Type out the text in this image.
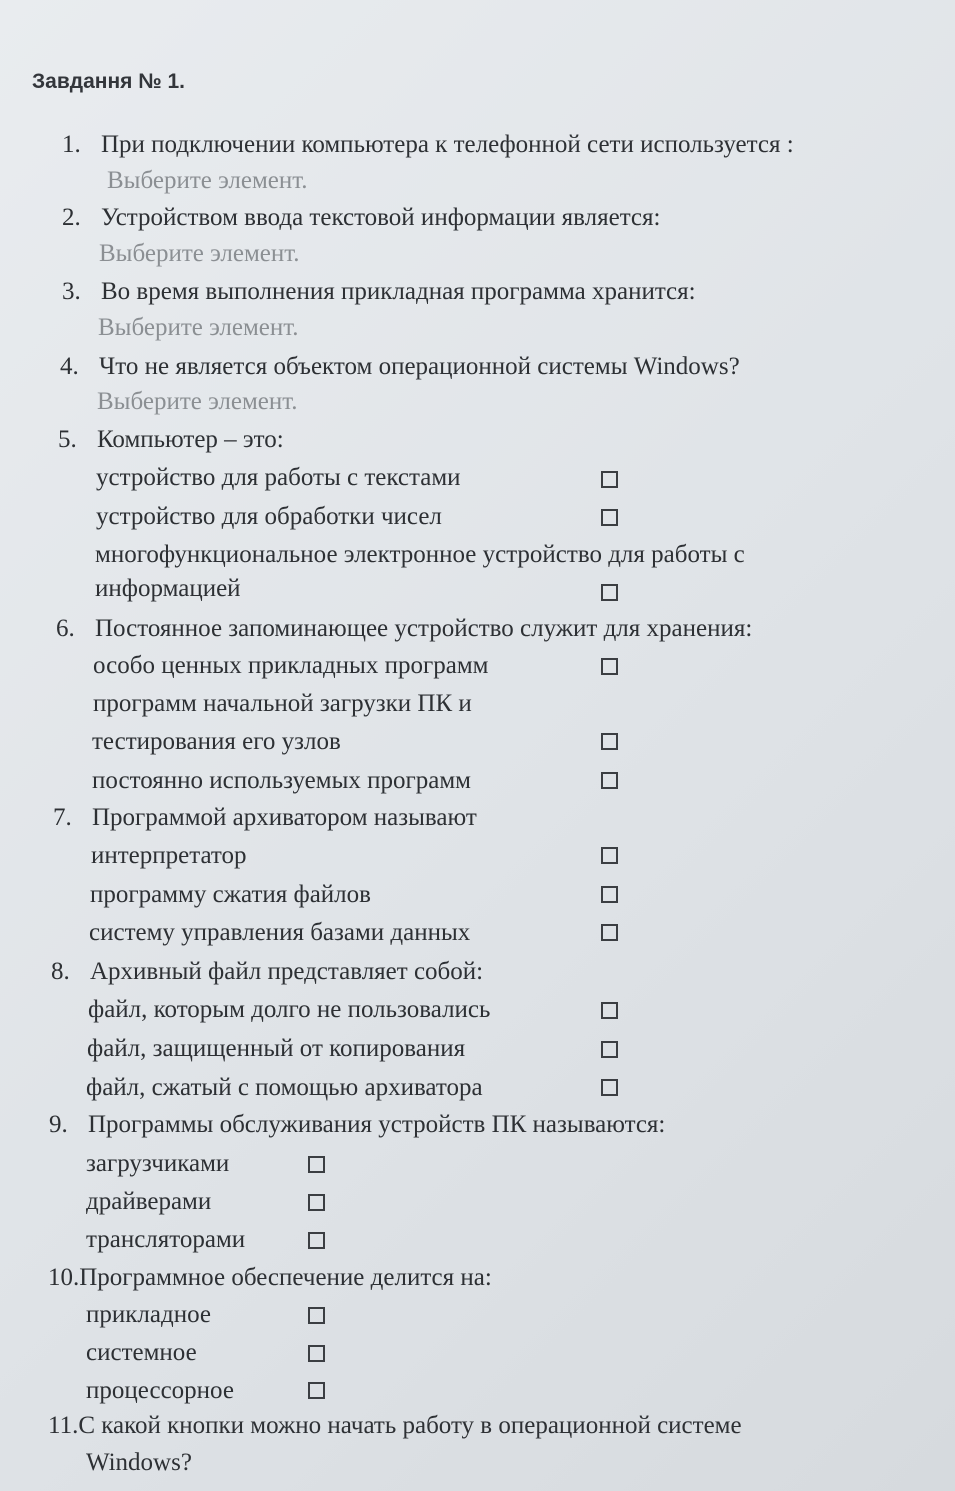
Завдання № 1.
1. При подключении компьютера к телефонной сети используется :
Выберите элемент.
2. Устройством ввода текстовой информации является:
Выберите элемент.
3. Во время выполнения прикладная программа хранится:
Выберите элемент.
4. Что не является объектом операционной системы Windows?
Выберите элемент.
5. Компьютер – это:
устройство для работы с текстами
устройство для обработки чисел
многофункциональное электронное устройство для работы с
информацией
6. Постоянное запоминающее устройство служит для хранения:
особо ценных прикладных программ
программ начальной загрузки ПК и
тестирования его узлов
постоянно используемых программ
7. Программой архиватором называют
интерпретатор
программу сжатия файлов
систему управления базами данных
8. Архивный файл представляет собой:
файл, которым долго не пользовались
файл, защищенный от копирования
файл, сжатый с помощью архиватора
9. Программы обслуживания устройств ПК называются:
загрузчиками
драйверами
трансляторами
10.Программное обеспечение делится на:
прикладное
системное
процессорное
11.С какой кнопки можно начать работу в операционной системе
Windows?
